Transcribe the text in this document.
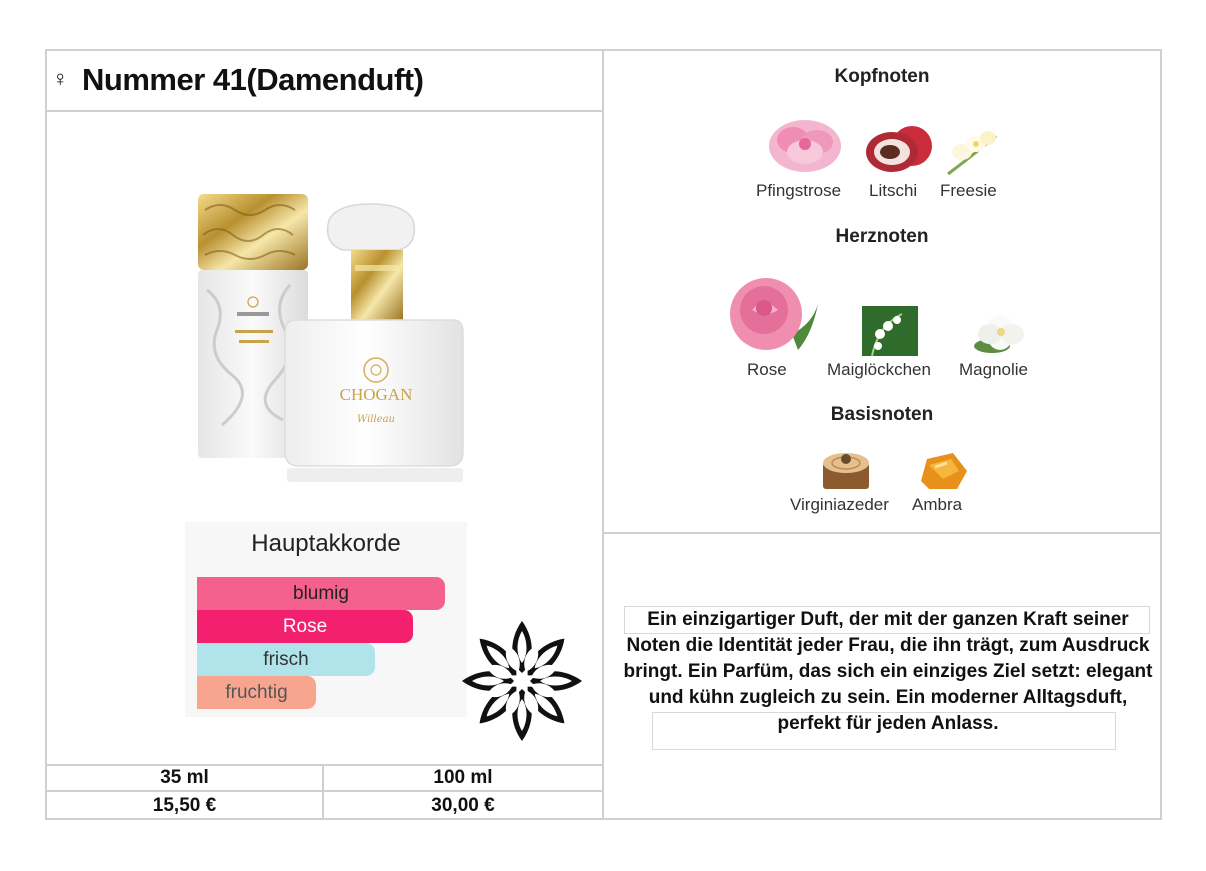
♀ Nummer 41(Damenduft)
CHOGAN
Willeau
Hauptakkorde
blumig
Rose
frisch
fruchtig
35 ml	100 ml
15,50 €	30,00 €
Kopfnoten
Pfingstrose Litschi Freesie
Herznoten
Rose Maiglöckchen Magnolie
Basisnoten
Virginiazeder Ambra
Ein einzigartiger Duft, der mit der ganzen Kraft seiner Noten die Identität jeder Frau, die ihn trägt, zum Ausdruck bringt. Ein Parfüm, das sich ein einziges Ziel setzt: elegant und kühn zugleich zu sein. Ein moderner Alltagsduft, perfekt für jeden Anlass.
